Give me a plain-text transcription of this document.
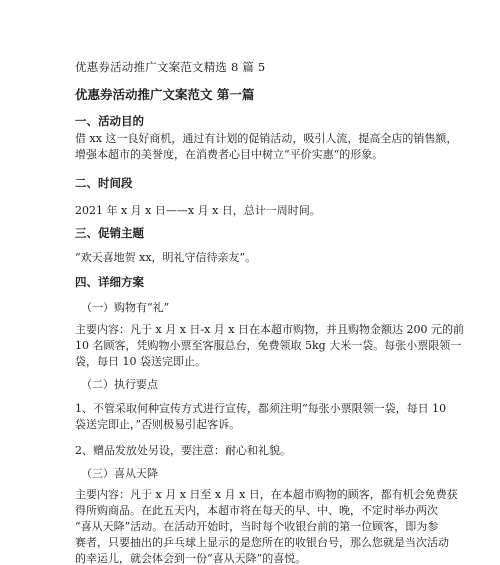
优惠券活动推广文案范文精选 8 篇 5
优惠券活动推广文案范文 第一篇
一、活动目的
借 xx 这一良好商机，通过有计划的促销活动，吸引人流，提高全店的销售额，
增强本超市的美誉度，在消费者心目中树立“平价实惠“的形象。
二、时间段
2021 年 x 月 x 日——x 月 x 日，总计一周时间。
三、促销主题
“欢天喜地贺 xx，明礼守信待亲友”。
四、详细方案
（一）购物有“礼”
主要内容：凡于 x 月 x 日-x 月 x 日在本超市购物，并且购物金额达 200 元的前
10 名顾客，凭购物小票至客服总台，免费领取 5kg 大米一袋。每张小票限领一
袋，每日 10 袋送完即止。
（二）执行要点
1、不管采取何种宣传方式进行宣传，都须注明“每张小票限领一袋，每日 10
袋送完即止，”否则极易引起客诉。
2、赠品发放处另设，要注意：耐心和礼貌。
（三）喜从天降
主要内容：凡于 x 月 x 日至 x 月 x 日，在本超市购物的顾客，都有机会免费获
得所购商品。在此五天内，本超市将在每天的早、中、晚，不定时举办两次
“喜从天降”活动。在活动开始时，当时每个收银台前的第一位顾客，即为参
赛者，只要抽出的乒乓球上显示的是您所在的收银台号，那么您就是当次活动
的幸运儿，就会体会到一份“喜从天降”的喜悦。
